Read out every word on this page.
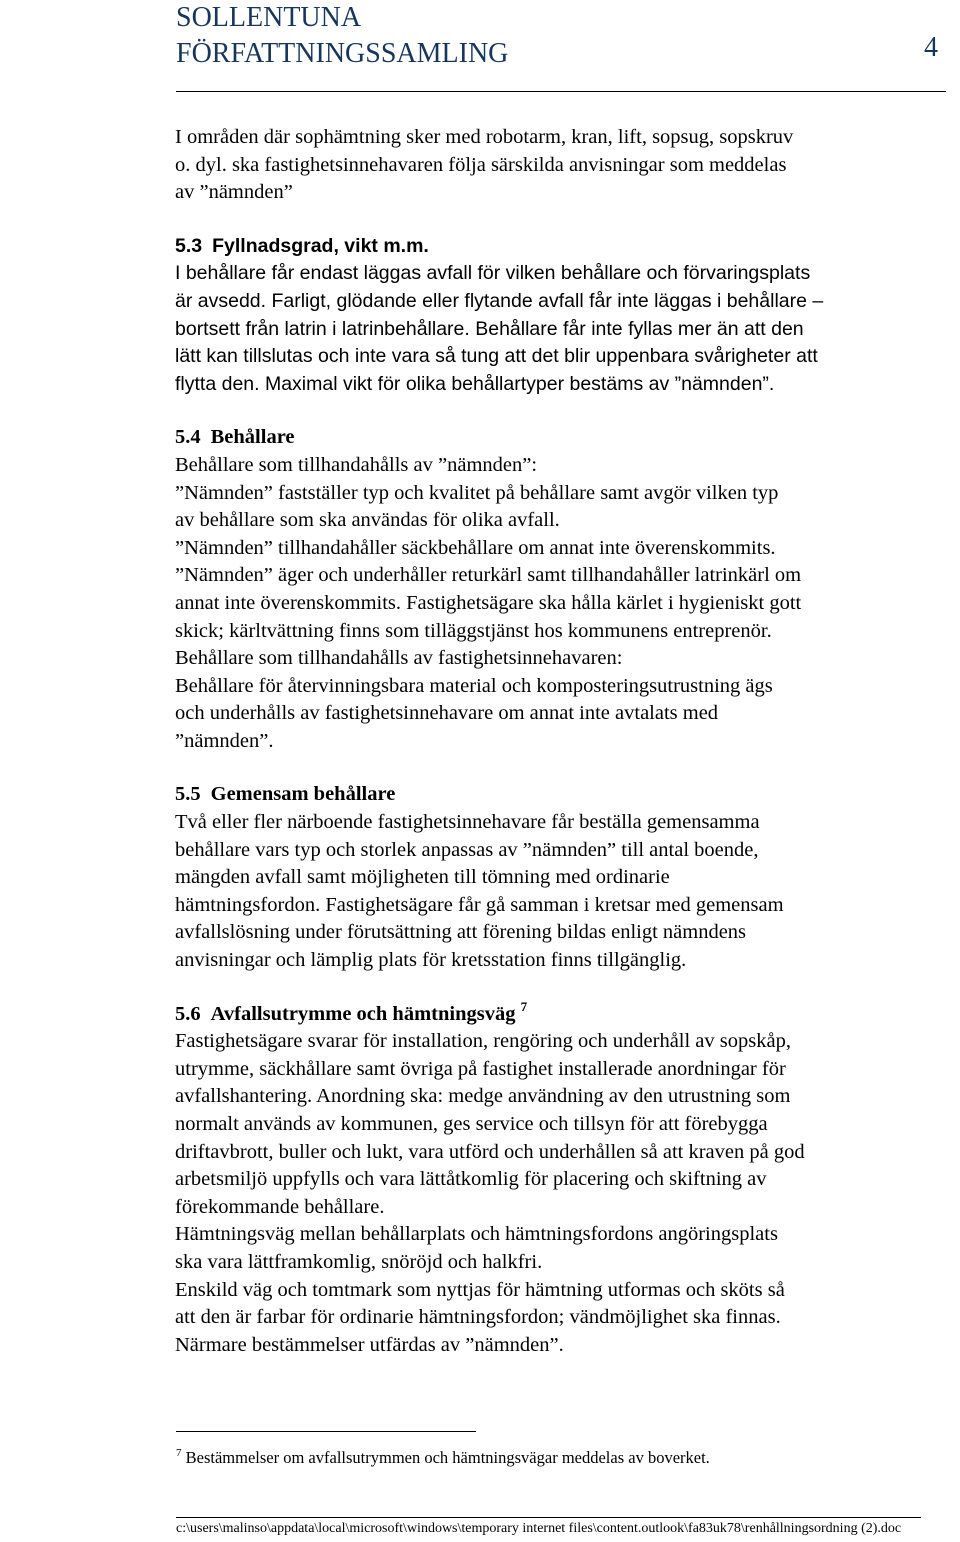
SOLLENTUNA
FÖRFATTNINGSSAMLING	4
I områden där sophämtning sker med robotarm, kran, lift, sopsug, sopskruv
o. dyl. ska fastighetsinnehavaren följa särskilda anvisningar som meddelas
av ”nämnden”
5.3 Fyllnadsgrad, vikt m.m.
I behållare får endast läggas avfall för vilken behållare och förvaringsplats
är avsedd. Farligt, glödande eller flytande avfall får inte läggas i behållare –
bortsett från latrin i latrinbehållare. Behållare får inte fyllas mer än att den
lätt kan tillslutas och inte vara så tung att det blir uppenbara svårigheter att
flytta den. Maximal vikt för olika behållartyper bestäms av ”nämnden”.
5.4 Behållare
Behållare som tillhandahålls av ”nämnden”:
”Nämnden” fastställer typ och kvalitet på behållare samt avgör vilken typ
av behållare som ska användas för olika avfall.
”Nämnden” tillhandahåller säckbehållare om annat inte överenskommits.
”Nämnden” äger och underhåller returkärl samt tillhandahåller latrinkärl om
annat inte överenskommits. Fastighetsägare ska hålla kärlet i hygieniskt gott
skick; kärltvättning finns som tilläggstjänst hos kommunens entreprenör.
Behållare som tillhandahålls av fastighetsinnehavaren:
Behållare för återvinningsbara material och komposteringsutrustning ägs
och underhålls av fastighetsinnehavare om annat inte avtalats med
”nämnden”.
5.5 Gemensam behållare
Två eller fler närboende fastighetsinnehavare får beställa gemensamma
behållare vars typ och storlek anpassas av ”nämnden” till antal boende,
mängden avfall samt möjligheten till tömning med ordinarie
hämtningsfordon. Fastighetsägare får gå samman i kretsar med gemensam
avfallslösning under förutsättning att förening bildas enligt nämndens
anvisningar och lämplig plats för kretsstation finns tillgänglig.
5.6 Avfallsutrymme och hämtningsväg $^7$
Fastighetsägare svarar för installation, rengöring och underhåll av sopskåp,
utrymme, säckhållare samt övriga på fastighet installerade anordningar för
avfallshantering. Anordning ska: medge användning av den utrustning som
normalt används av kommunen, ges service och tillsyn för att förebygga
driftavbrott, buller och lukt, vara utförd och underhållen så att kraven på god
arbetsmiljö uppfylls och vara lättåtkomlig för placering och skiftning av
förekommande behållare.
Hämtningsväg mellan behållarplats och hämtningsfordons angöringsplats
ska vara lättframkomlig, snöröjd och halkfri.
Enskild väg och tomtmark som nyttjas för hämtning utformas och sköts så
att den är farbar för ordinarie hämtningsfordon; vändmöjlighet ska finnas.
Närmare bestämmelser utfärdas av ”nämnden”.
$^7$ Bestämmelser om avfallsutrymmen och hämtningsvägar meddelas av boverket.
c:\users\malinso\appdata\local\microsoft\windows\temporary internet files\content.outlook\fa83uk78\renhållningsordning (2).doc
